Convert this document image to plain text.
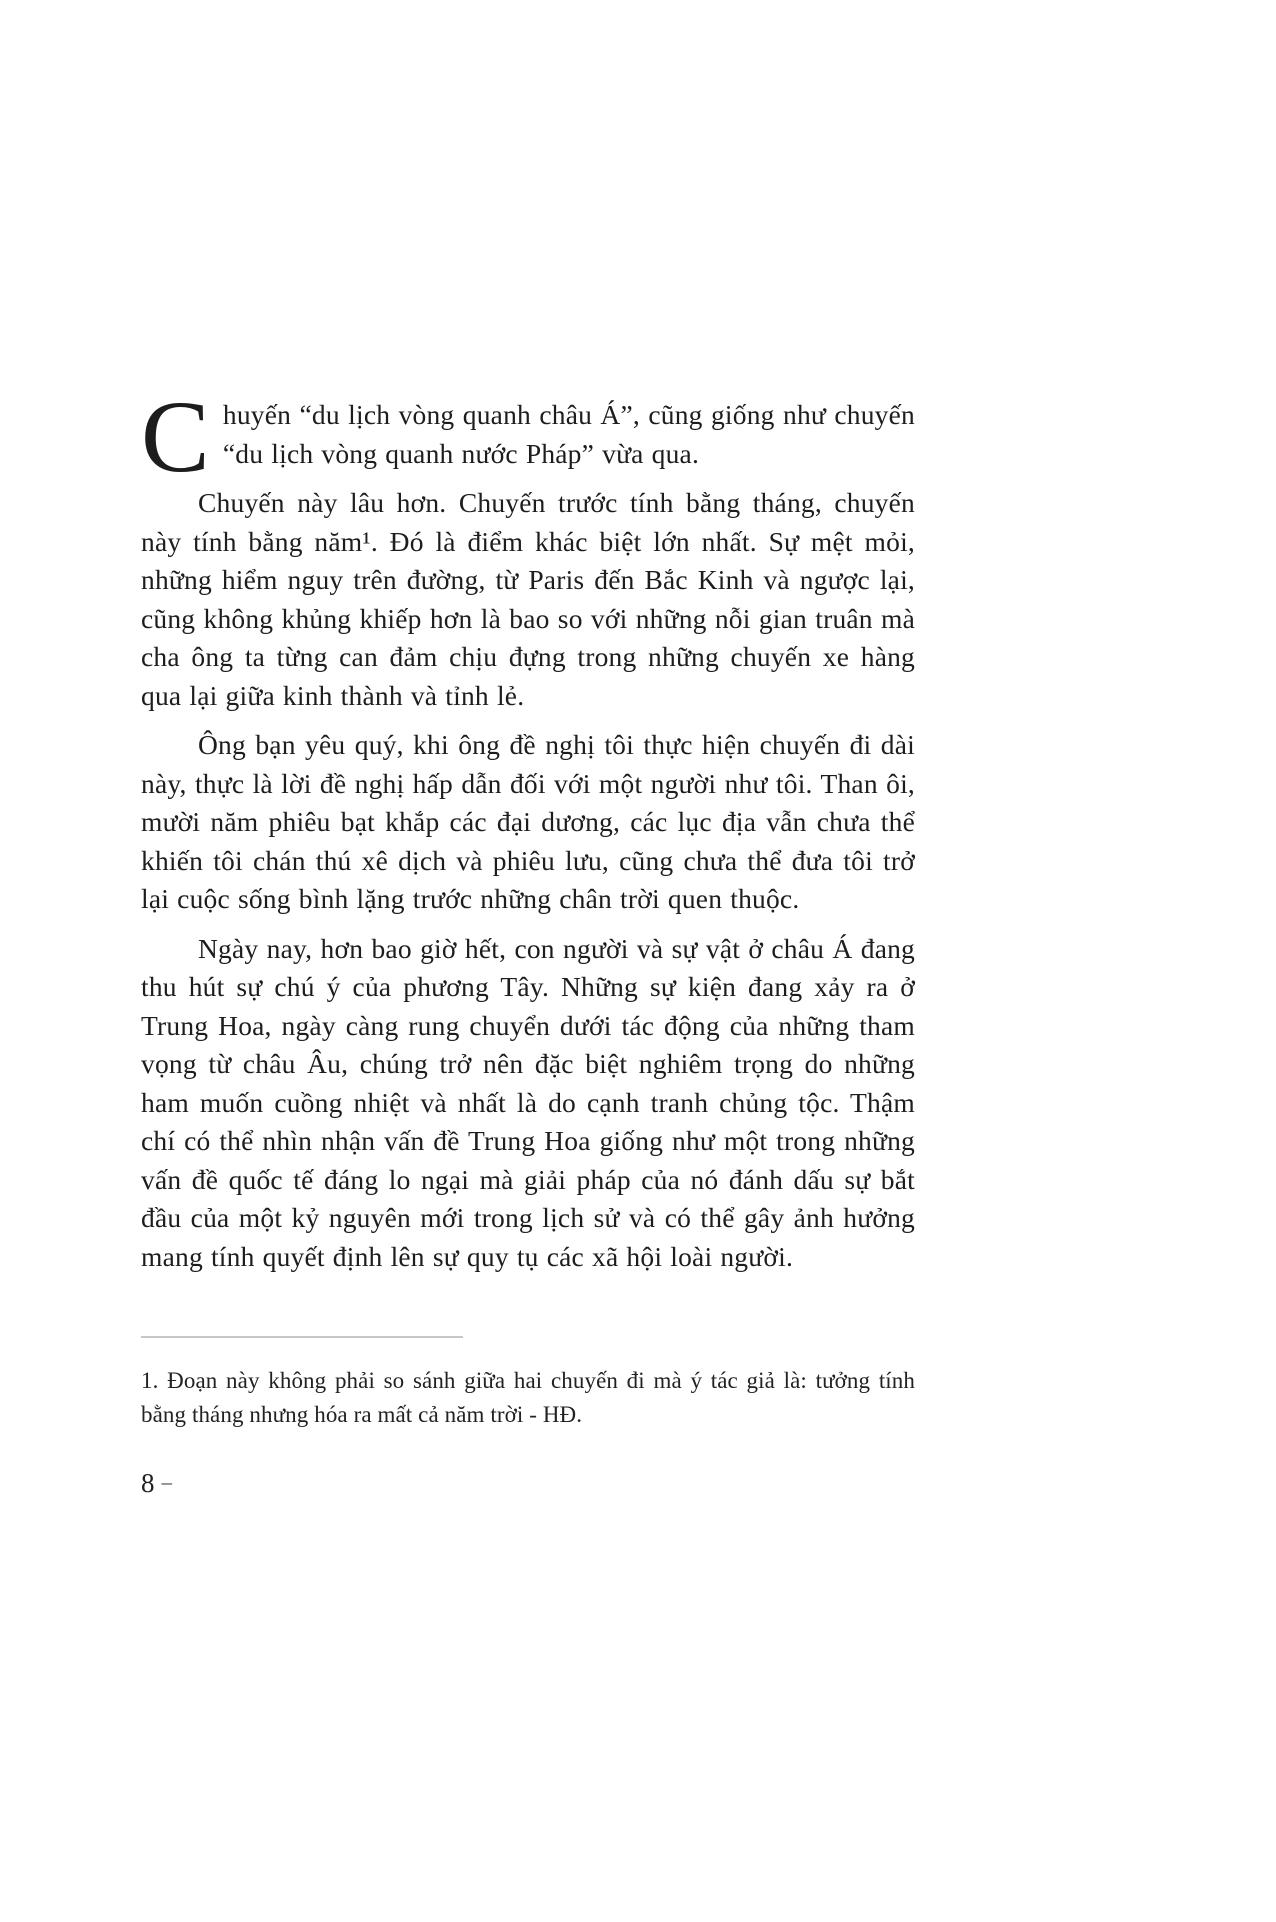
Chuyến “du lịch vòng quanh châu Á”, cũng giống như chuyến “du lịch vòng quanh nước Pháp” vừa qua.

Chuyến này lâu hơn. Chuyến trước tính bằng tháng, chuyến này tính bằng năm¹. Đó là điểm khác biệt lớn nhất. Sự mệt mỏi, những hiểm nguy trên đường, từ Paris đến Bắc Kinh và ngược lại, cũng không khủng khiếp hơn là bao so với những nỗi gian truân mà cha ông ta từng can đảm chịu đựng trong những chuyến xe hàng qua lại giữa kinh thành và tỉnh lẻ.

Ông bạn yêu quý, khi ông đề nghị tôi thực hiện chuyến đi dài này, thực là lời đề nghị hấp dẫn đối với một người như tôi. Than ôi, mười năm phiêu bạt khắp các đại dương, các lục địa vẫn chưa thể khiến tôi chán thú xê dịch và phiêu lưu, cũng chưa thể đưa tôi trở lại cuộc sống bình lặng trước những chân trời quen thuộc.

Ngày nay, hơn bao giờ hết, con người và sự vật ở châu Á đang thu hút sự chú ý của phương Tây. Những sự kiện đang xảy ra ở Trung Hoa, ngày càng rung chuyển dưới tác động của những tham vọng từ châu Âu, chúng trở nên đặc biệt nghiêm trọng do những ham muốn cuồng nhiệt và nhất là do cạnh tranh chủng tộc. Thậm chí có thể nhìn nhận vấn đề Trung Hoa giống như một trong những vấn đề quốc tế đáng lo ngại mà giải pháp của nó đánh dấu sự bắt đầu của một kỷ nguyên mới trong lịch sử và có thể gây ảnh hưởng mang tính quyết định lên sự quy tụ các xã hội loài người.

1. Đoạn này không phải so sánh giữa hai chuyến đi mà ý tác giả là: tưởng tính bằng tháng nhưng hóa ra mất cả năm trời - HĐ.

8 –
